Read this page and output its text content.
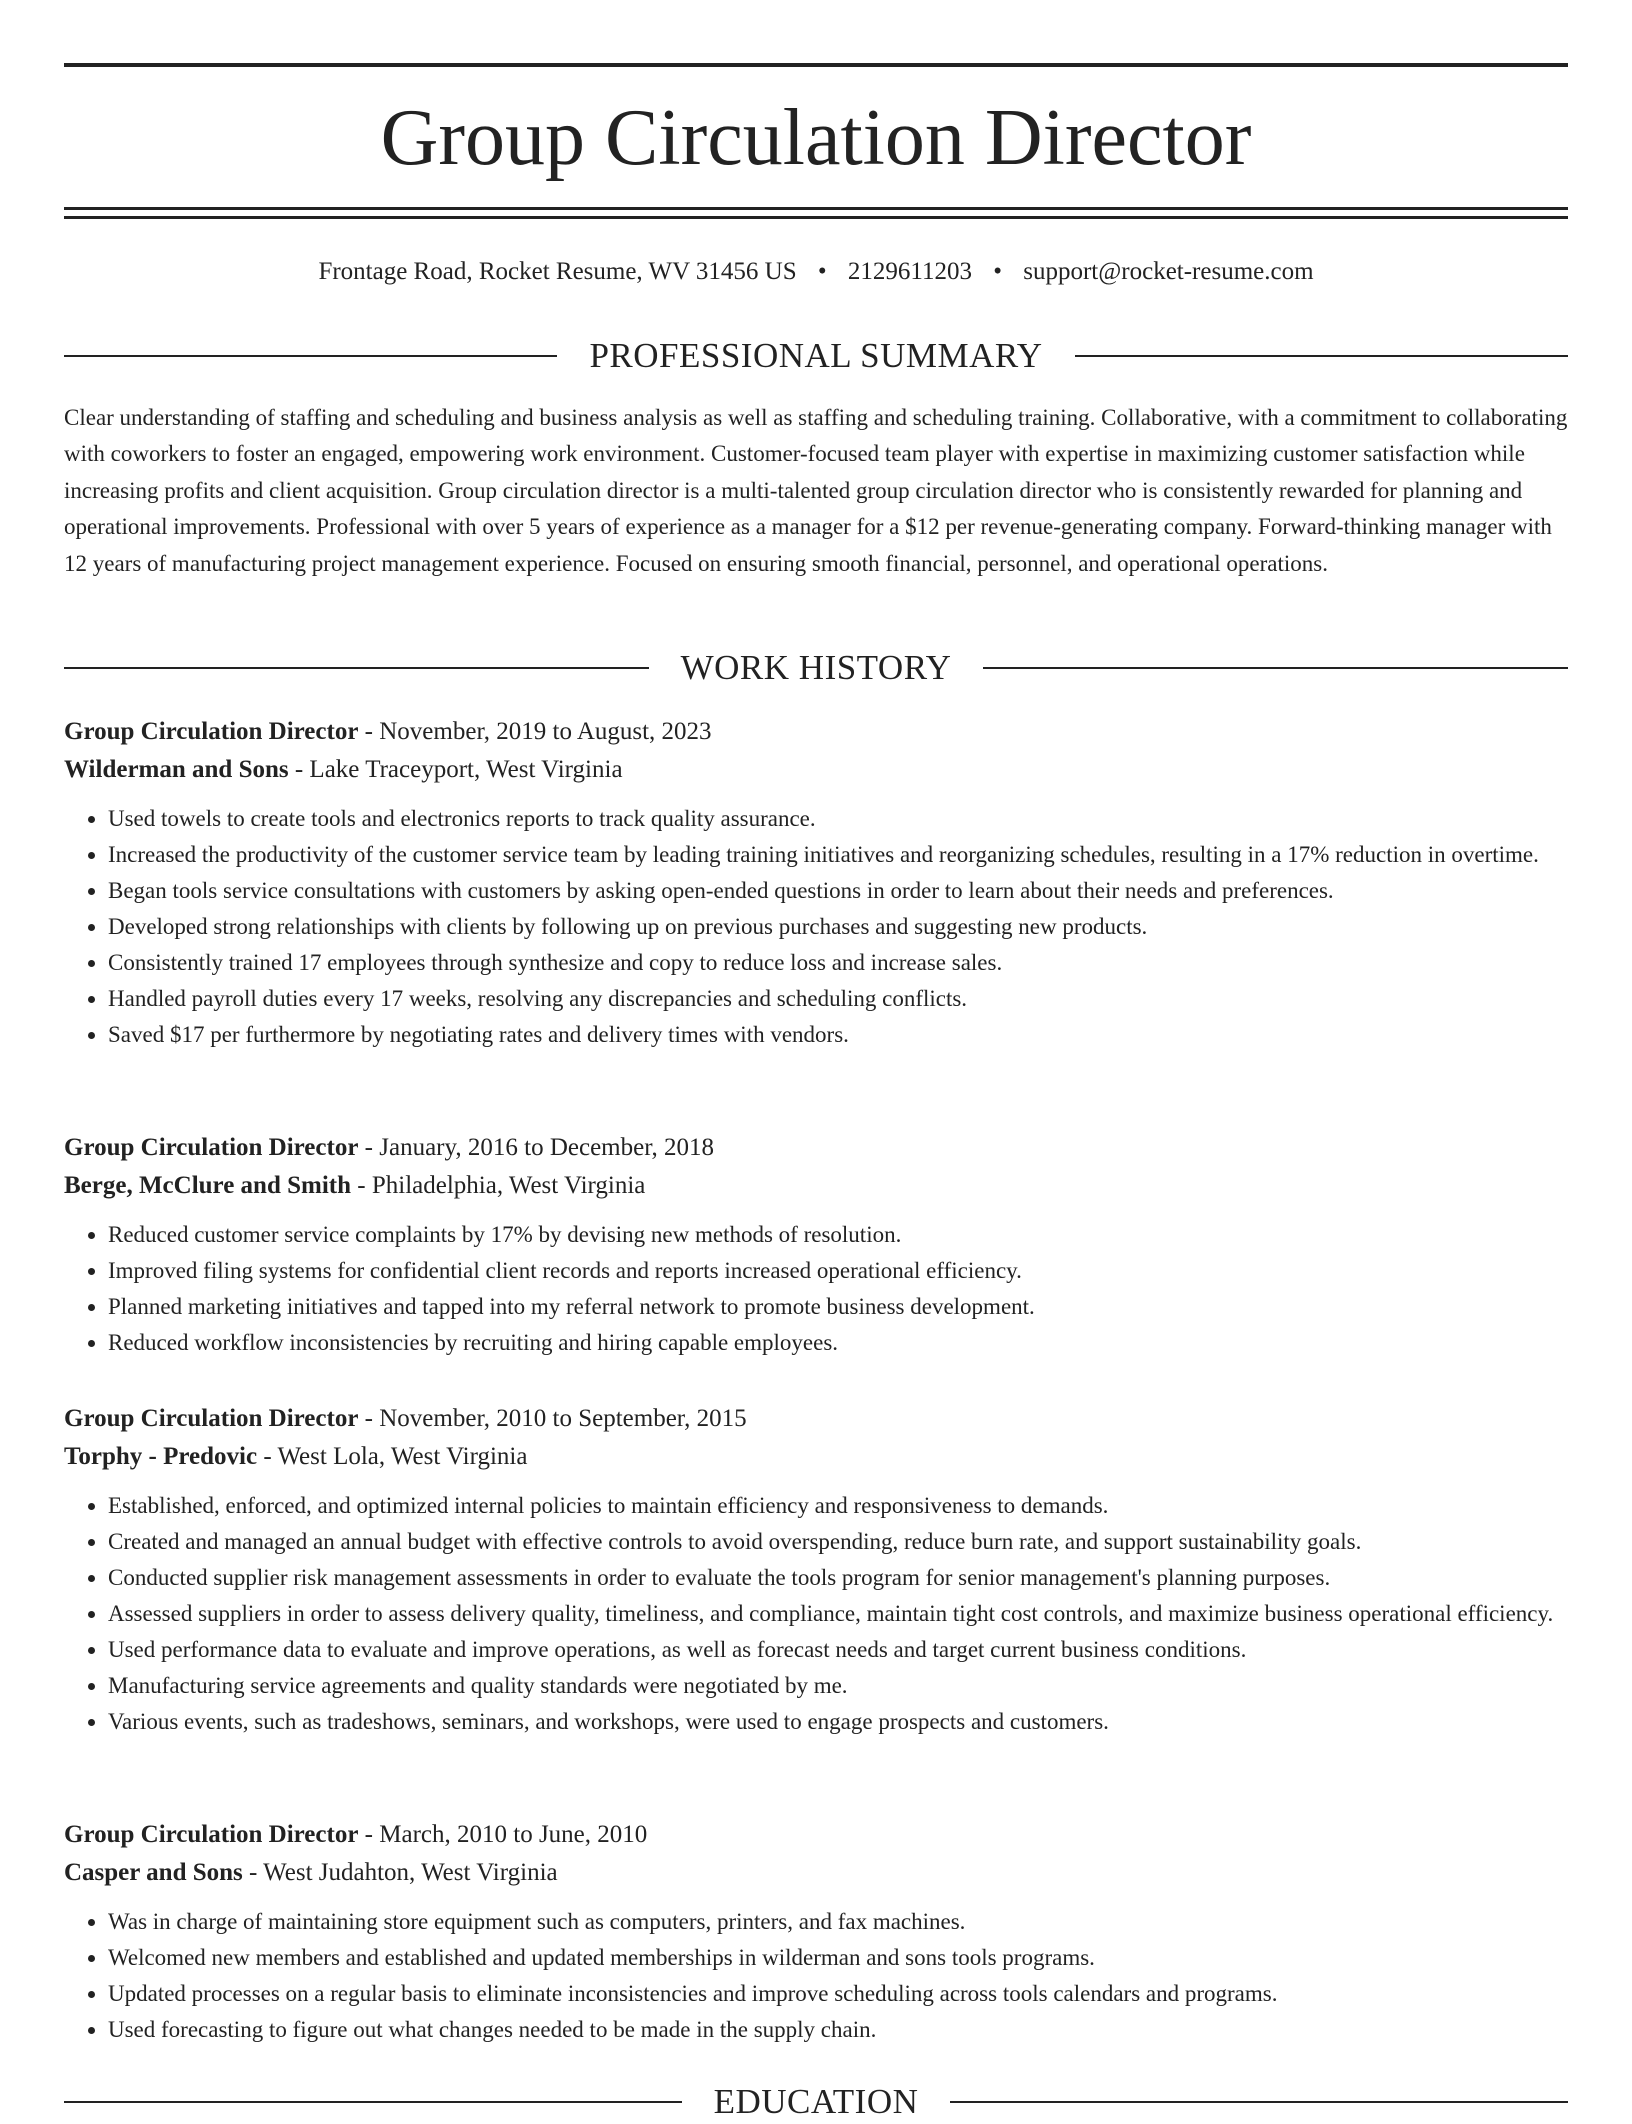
Group Circulation Director
Frontage Road, Rocket Resume, WV 31456 US • 2129611203 • support@rocket-resume.com
PROFESSIONAL SUMMARY

Clear understanding of staffing and scheduling and business analysis as well as staffing and scheduling training. Collaborative, with a commitment to collaborating with coworkers to foster an engaged, empowering work environment. Customer-focused team player with expertise in maximizing customer satisfaction while increasing profits and client acquisition. Group circulation director is a multi-talented group circulation director who is consistently rewarded for planning and operational improvements. Professional with over 5 years of experience as a manager for a $12 per revenue-generating company. Forward-thinking manager with 12 years of manufacturing project management experience. Focused on ensuring smooth financial, personnel, and operational operations.

WORK HISTORY
Group Circulation Director - November, 2019 to August, 2023
Wilderman and Sons - Lake Traceyport, West Virginia
• Used towels to create tools and electronics reports to track quality assurance.
• Increased the productivity of the customer service team by leading training initiatives and reorganizing schedules, resulting in a 17% reduction in overtime.
• Began tools service consultations with customers by asking open-ended questions in order to learn about their needs and preferences.
• Developed strong relationships with clients by following up on previous purchases and suggesting new products.
• Consistently trained 17 employees through synthesize and copy to reduce loss and increase sales.
• Handled payroll duties every 17 weeks, resolving any discrepancies and scheduling conflicts.
• Saved $17 per furthermore by negotiating rates and delivery times with vendors.
Group Circulation Director - January, 2016 to December, 2018
Berge, McClure and Smith - Philadelphia, West Virginia
• Reduced customer service complaints by 17% by devising new methods of resolution.
• Improved filing systems for confidential client records and reports increased operational efficiency.
• Planned marketing initiatives and tapped into my referral network to promote business development.
• Reduced workflow inconsistencies by recruiting and hiring capable employees.
Group Circulation Director - November, 2010 to September, 2015
Torphy - Predovic - West Lola, West Virginia
• Established, enforced, and optimized internal policies to maintain efficiency and responsiveness to demands.
• Created and managed an annual budget with effective controls to avoid overspending, reduce burn rate, and support sustainability goals.
• Conducted supplier risk management assessments in order to evaluate the tools program for senior management's planning purposes.
• Assessed suppliers in order to assess delivery quality, timeliness, and compliance, maintain tight cost controls, and maximize business operational efficiency.
• Used performance data to evaluate and improve operations, as well as forecast needs and target current business conditions.
• Manufacturing service agreements and quality standards were negotiated by me.
• Various events, such as tradeshows, seminars, and workshops, were used to engage prospects and customers.
Group Circulation Director - March, 2010 to June, 2010
Casper and Sons - West Judahton, West Virginia
• Was in charge of maintaining store equipment such as computers, printers, and fax machines.
• Welcomed new members and established and updated memberships in wilderman and sons tools programs.
• Updated processes on a regular basis to eliminate inconsistencies and improve scheduling across tools calendars and programs.
• Used forecasting to figure out what changes needed to be made in the supply chain.
EDUCATION
